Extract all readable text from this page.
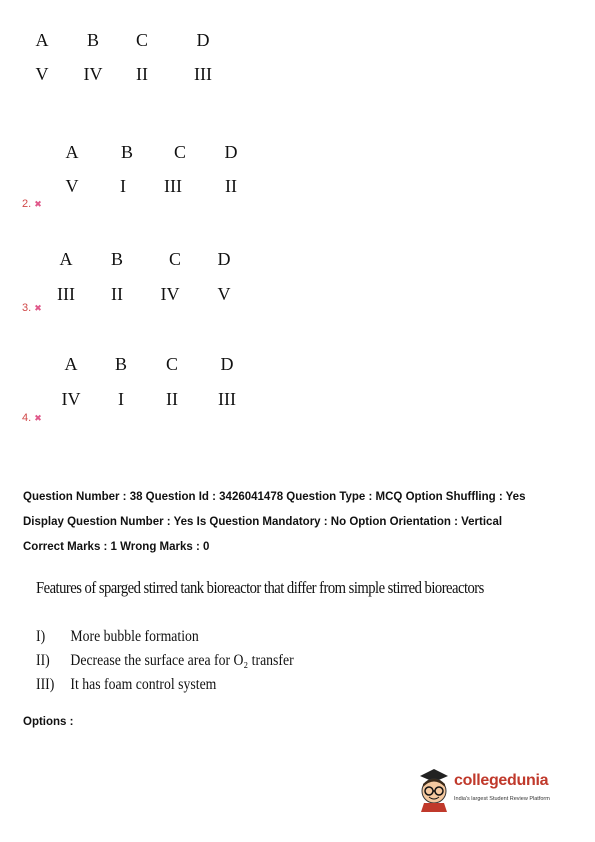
A	B	C	D
V	IV	II	III
2. ✖
A	B	C	D
V	I	III	II
3. ✖
A	B	C	D
III	II	IV	V
4. ✖
A	B	C	D
IV	I	II	III
Question Number : 38 Question Id : 3426041478 Question Type : MCQ Option Shuffling : Yes
Display Question Number : Yes Is Question Mandatory : No Option Orientation : Vertical
Correct Marks : 1 Wrong Marks : 0
Features of sparged stirred tank bioreactor that differ from simple stirred bioreactors
I) More bubble formation
II) Decrease the surface area for O₂ transfer
III) It has foam control system
Options :
collegedunia
India's largest Student Review Platform
